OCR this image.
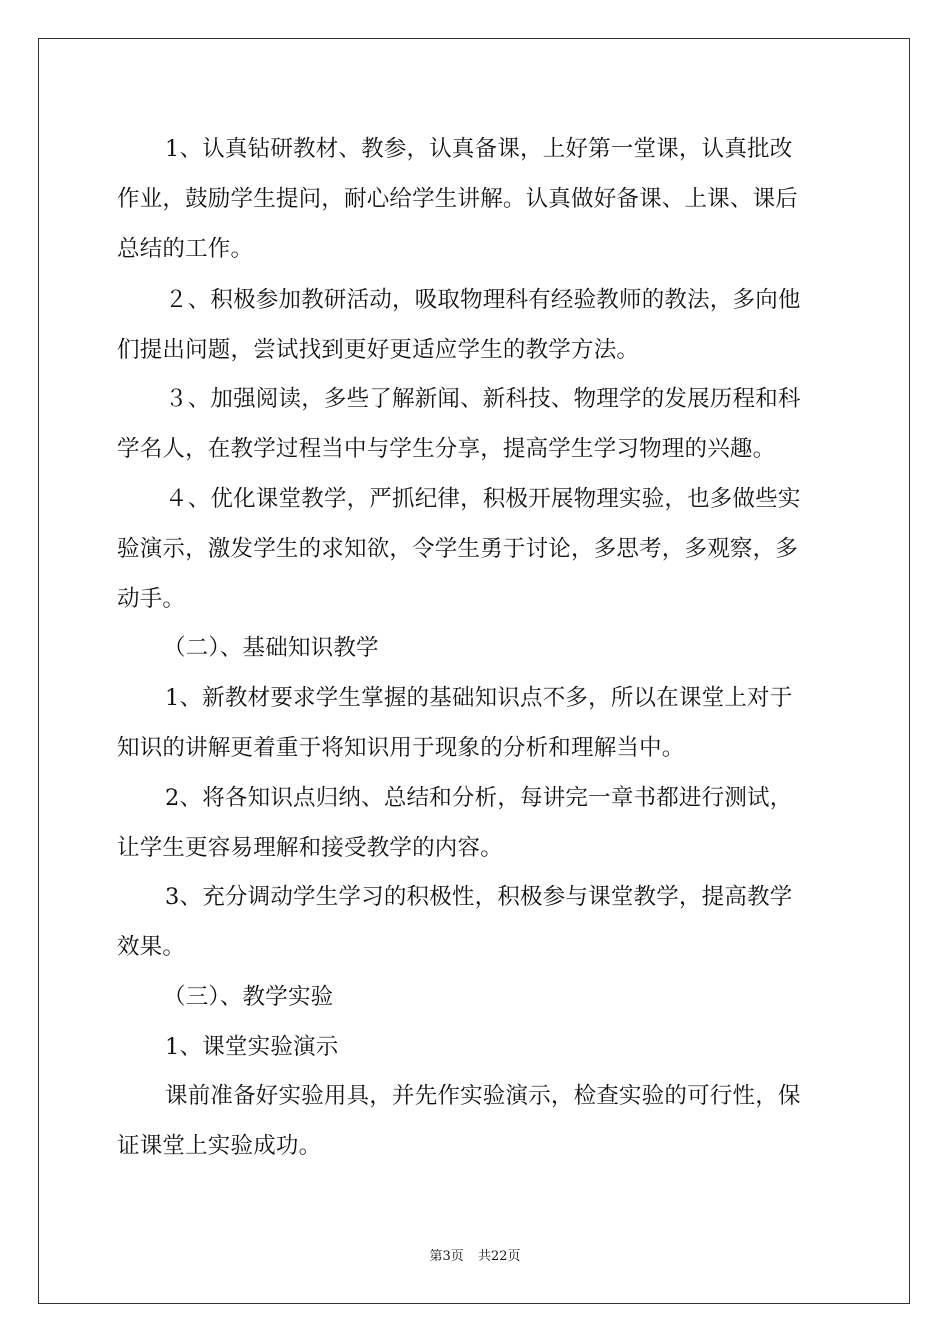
1、认真钻研教材、教参，认真备课，上好第一堂课，认真批改
作业，鼓励学生提问，耐心给学生讲解。认真做好备课、上课、课后
总结的工作。
２、积极参加教研活动，吸取物理科有经验教师的教法，多向他
们提出问题，尝试找到更好更适应学生的教学方法。
３、加强阅读，多些了解新闻、新科技、物理学的发展历程和科
学名人，在教学过程当中与学生分享，提高学生学习物理的兴趣。
４、优化课堂教学，严抓纪律，积极开展物理实验，也多做些实
验演示，激发学生的求知欲，令学生勇于讨论，多思考，多观察，多
动手。
（二）、基础知识教学
1、新教材要求学生掌握的基础知识点不多，所以在课堂上对于
知识的讲解更着重于将知识用于现象的分析和理解当中。
2、将各知识点归纳、总结和分析，每讲完一章书都进行测试，
让学生更容易理解和接受教学的内容。
3、充分调动学生学习的积极性，积极参与课堂教学，提高教学
效果。
（三）、教学实验
1、课堂实验演示
课前准备好实验用具，并先作实验演示，检查实验的可行性，保
证课堂上实验成功。
第3页 共22页
